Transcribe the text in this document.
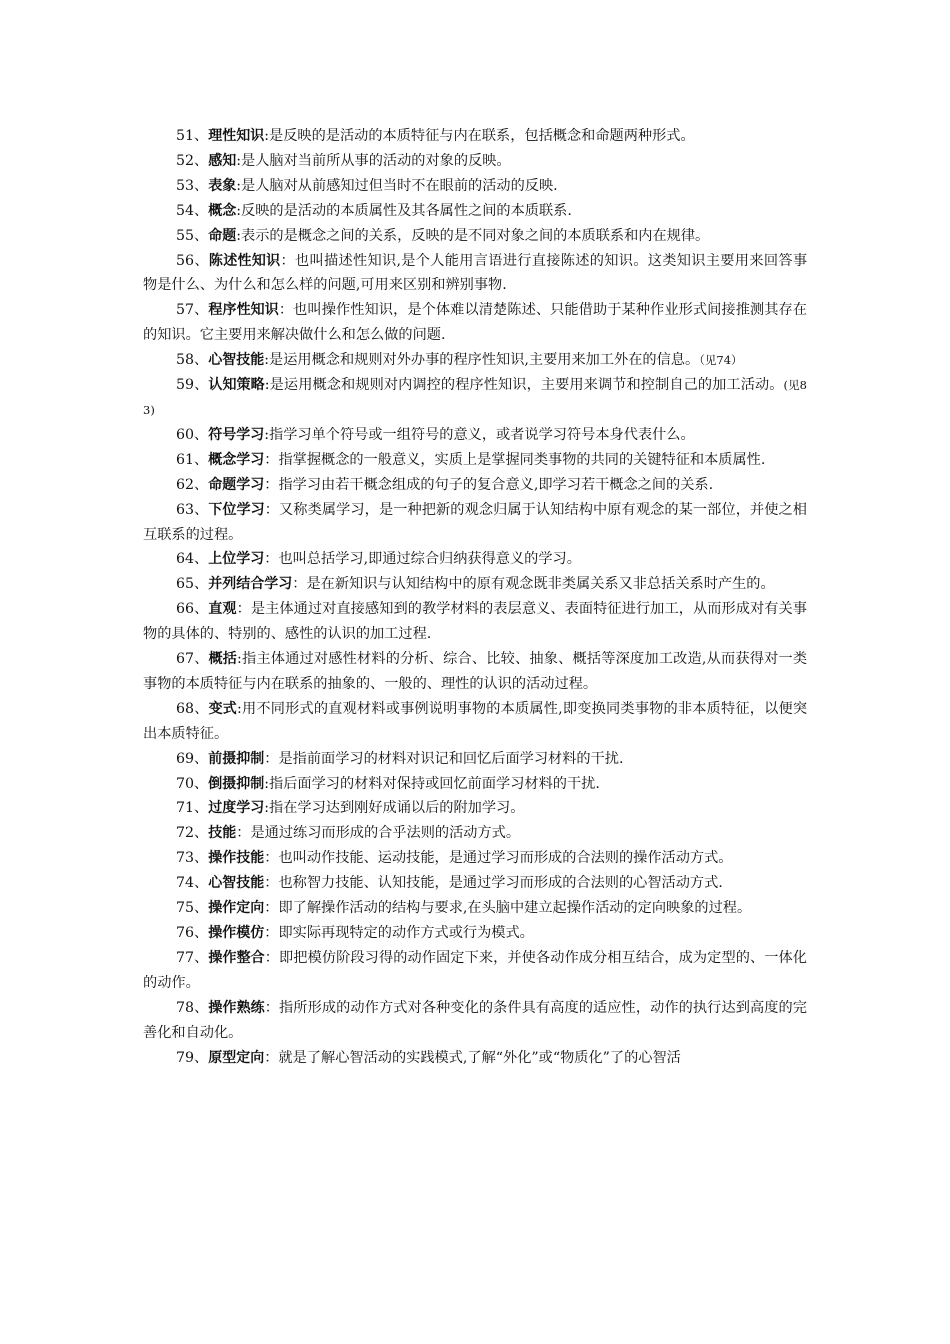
51、理性知识:是反映的是活动的本质特征与内在联系，包括概念和命题两种形式。

52、感知:是人脑对当前所从事的活动的对象的反映。

53、表象:是人脑对从前感知过但当时不在眼前的活动的反映.

54、概念:反映的是活动的本质属性及其各属性之间的本质联系.

55、命题:表示的是概念之间的关系，反映的是不同对象之间的本质联系和内在规律。

56、陈述性知识：也叫描述性知识,是个人能用言语进行直接陈述的知识。这类知识主要用来回答事物是什么、为什么和怎么样的问题,可用来区别和辨别事物.

57、程序性知识：也叫操作性知识，是个体难以清楚陈述、只能借助于某种作业形式间接推测其存在的知识。它主要用来解决做什么和怎么做的问题.

58、心智技能:是运用概念和规则对外办事的程序性知识,主要用来加工外在的信息。（见74）

59、认知策略:是运用概念和规则对内调控的程序性知识，主要用来调节和控制自己的加工活动。(见83)

60、符号学习:指学习单个符号或一组符号的意义，或者说学习符号本身代表什么。

61、概念学习：指掌握概念的一般意义，实质上是掌握同类事物的共同的关键特征和本质属性.

62、命题学习：指学习由若干概念组成的句子的复合意义,即学习若干概念之间的关系.

63、下位学习：又称类属学习，是一种把新的观念归属于认知结构中原有观念的某一部位，并使之相互联系的过程。

64、上位学习：也叫总括学习,即通过综合归纳获得意义的学习。

65、并列结合学习：是在新知识与认知结构中的原有观念既非类属关系又非总括关系时产生的。

66、直观：是主体通过对直接感知到的教学材料的表层意义、表面特征进行加工，从而形成对有关事物的具体的、特别的、感性的认识的加工过程.

67、概括:指主体通过对感性材料的分析、综合、比较、抽象、概括等深度加工改造,从而获得对一类事物的本质特征与内在联系的抽象的、一般的、理性的认识的活动过程。

68、变式:用不同形式的直观材料或事例说明事物的本质属性,即变换同类事物的非本质特征，以便突出本质特征。

69、前摄抑制：是指前面学习的材料对识记和回忆后面学习材料的干扰.

70、倒摄抑制:指后面学习的材料对保持或回忆前面学习材料的干扰.

71、过度学习:指在学习达到刚好成诵以后的附加学习。

72、技能：是通过练习而形成的合乎法则的活动方式。

73、操作技能：也叫动作技能、运动技能，是通过学习而形成的合法则的操作活动方式。

74、心智技能：也称智力技能、认知技能，是通过学习而形成的合法则的心智活动方式.

75、操作定向：即了解操作活动的结构与要求,在头脑中建立起操作活动的定向映象的过程。

76、操作模仿：即实际再现特定的动作方式或行为模式。

77、操作整合：即把模仿阶段习得的动作固定下来，并使各动作成分相互结合，成为定型的、一体化的动作。

78、操作熟练：指所形成的动作方式对各种变化的条件具有高度的适应性，动作的执行达到高度的完善化和自动化。

79、原型定向：就是了解心智活动的实践模式,了解“外化”或“物质化”了的心智活
